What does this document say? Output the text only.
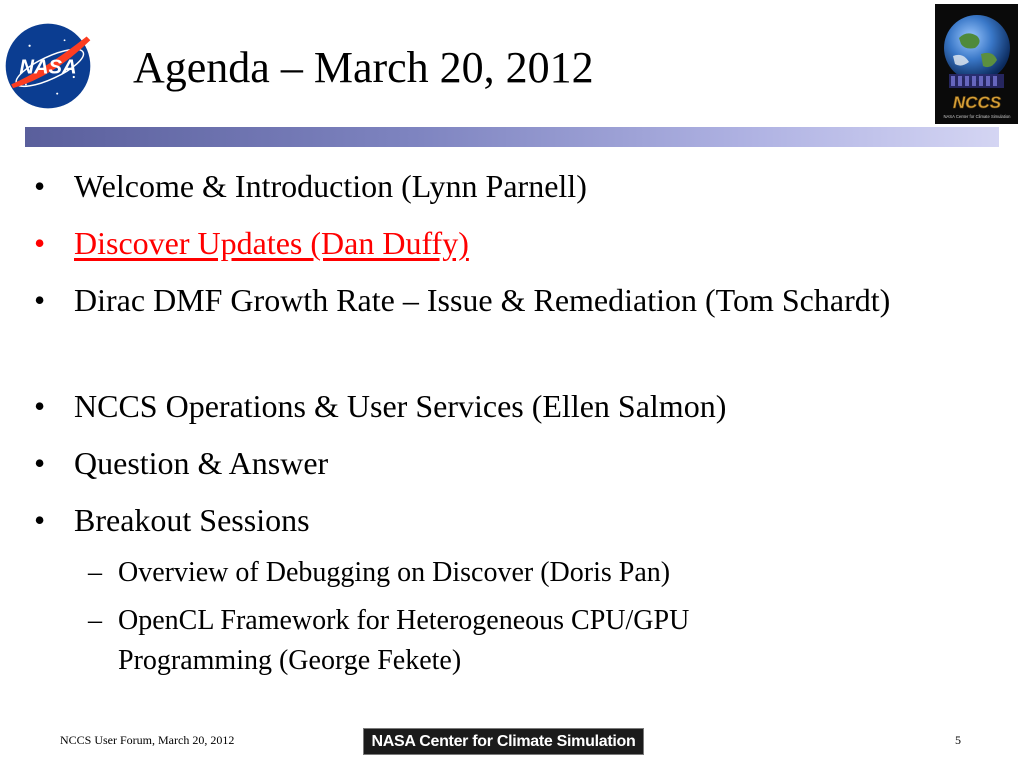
NASA Agenda – March 20, 2012
NCCS
NASA Center for Climate Simulation
• Welcome & Introduction (Lynn Parnell)
• Discover Updates (Dan Duffy)
• Dirac DMF Growth Rate – Issue & Remediation (Tom Schardt)
• NCCS Operations & User Services (Ellen Salmon)
• Question & Answer
• Breakout Sessions
– Overview of Debugging on Discover (Doris Pan)
– OpenCL Framework for Heterogeneous CPU/GPU Programming (George Fekete)
NCCS User Forum, March 20, 2012	NASA Center for Climate Simulation	5
